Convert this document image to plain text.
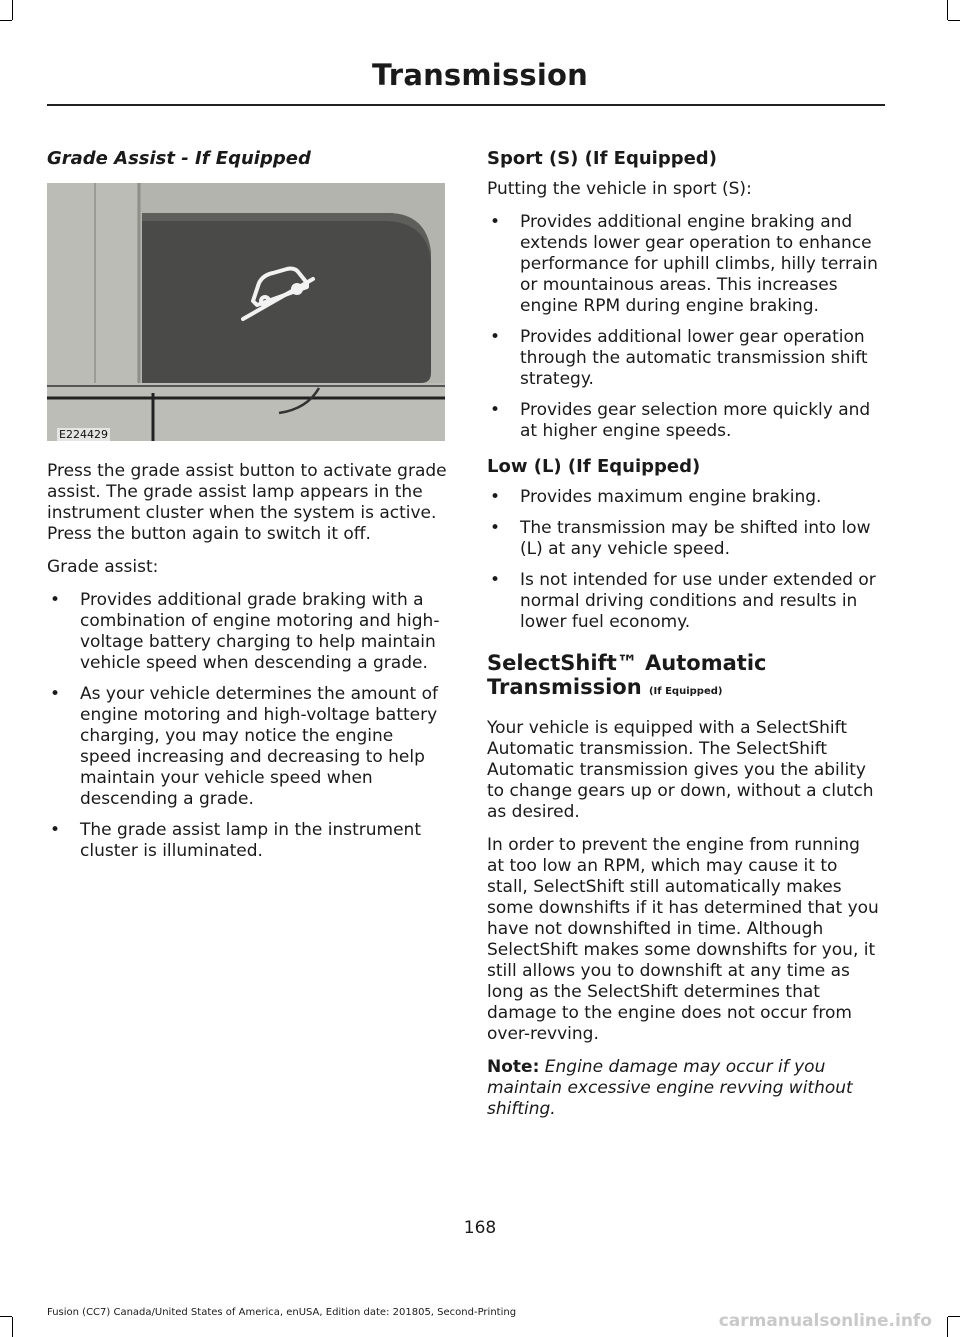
Transmission
Grade Assist - If Equipped
E224429

Press the grade assist button to activate grade assist. The grade assist lamp appears in the instrument cluster when the system is active. Press the button again to switch it off.

Grade assist:

• Provides additional grade braking with a combination of engine motoring and high-voltage battery charging to help maintain vehicle speed when descending a grade.
• As your vehicle determines the amount of engine motoring and high-voltage battery charging, you may notice the engine speed increasing and decreasing to help maintain your vehicle speed when descending a grade.
• The grade assist lamp in the instrument cluster is illuminated.
Sport (S) (If Equipped)

Putting the vehicle in sport (S):

• Provides additional engine braking and extends lower gear operation to enhance performance for uphill climbs, hilly terrain or mountainous areas. This increases engine RPM during engine braking.
• Provides additional lower gear operation through the automatic transmission shift strategy.
• Provides gear selection more quickly and at higher engine speeds.
Low (L) (If Equipped)
• Provides maximum engine braking.
• The transmission may be shifted into low (L) at any vehicle speed.
• Is not intended for use under extended or normal driving conditions and results in lower fuel economy.
SelectShift™ Automatic Transmission (If Equipped)

Your vehicle is equipped with a SelectShift Automatic transmission. The SelectShift Automatic transmission gives you the ability to change gears up or down, without a clutch as desired.

In order to prevent the engine from running at too low an RPM, which may cause it to stall, SelectShift still automatically makes some downshifts if it has determined that you have not downshifted in time. Although SelectShift makes some downshifts for you, it still allows you to downshift at any time as long as the SelectShift determines that damage to the engine does not occur from over-revving.

Note: Engine damage may occur if you maintain excessive engine revving without shifting.

168
Fusion (CC7) Canada/United States of America, enUSA, Edition date: 201805, Second-Printing	carmanualsonline.info
